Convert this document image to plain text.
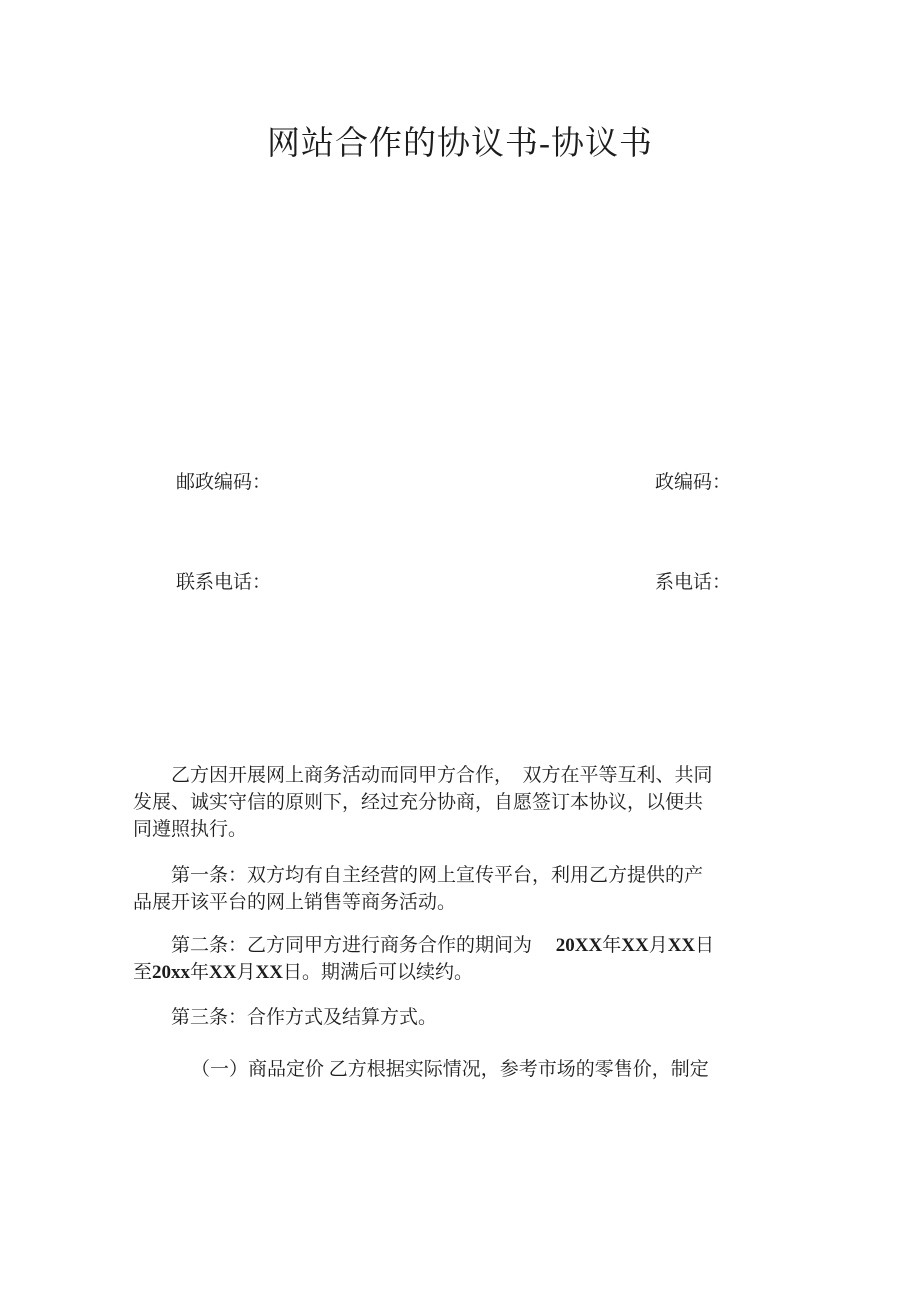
网站合作的协议书-协议书
邮政编码：	政编码：
联系电话：	系电话：
乙方因开展网上商务活动而同甲方合作，　双方在平等互利、共同
发展、诚实守信的原则下，经过充分协商，自愿签订本协议，以便共
同遵照执行。
第一条：双方均有自主经营的网上宣传平台，利用乙方提供的产
品展开该平台的网上销售等商务活动。
第二条：乙方同甲方进行商务合作的期间为　 20XX年XX月XX日
至20xx年XX月XX日。期满后可以续约。
第三条：合作方式及结算方式。
（一）商品定价 乙方根据实际情况，参考市场的零售价，制定
